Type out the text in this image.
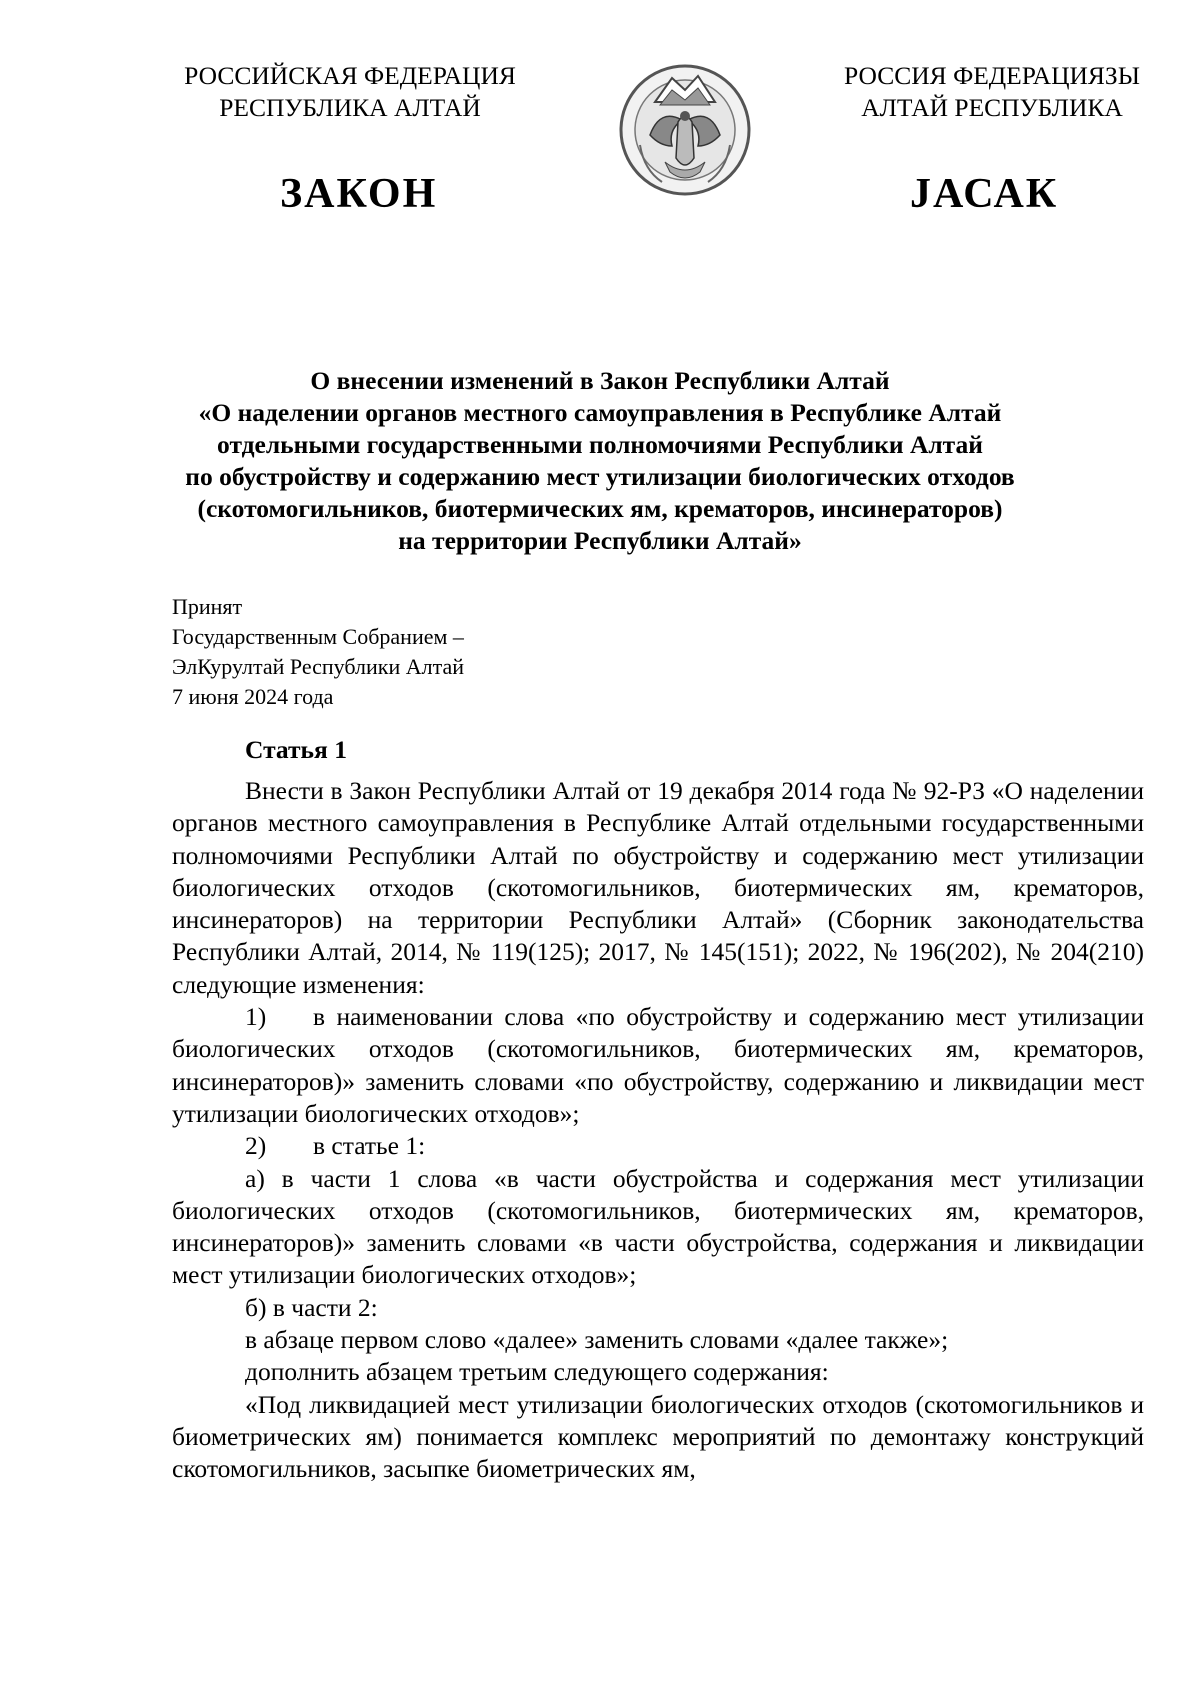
РОССИЙСКАЯ ФЕДЕРАЦИЯ
РЕСПУБЛИКА АЛТАЙ
РОССИЯ ФЕДЕРАЦИЯЗЫ
АЛТАЙ РЕСПУБЛИКА
ЗАКОН	JАСАК
О внесении изменений в Закон Республики Алтай
«О наделении органов местного самоуправления в Республике Алтай
отдельными государственными полномочиями Республики Алтай
по обустройству и содержанию мест утилизации биологических отходов
(скотомогильников, биотермических ям, крематоров, инсинераторов)
на территории Республики Алтай»
Принят
Государственным Собранием –
ЭлКурултай Республики Алтай
7 июня 2024 года
Статья 1

Внести в Закон Республики Алтай от 19 декабря 2014 года № 92-РЗ «О наделении органов местного самоуправления в Республике Алтай отдельными государственными полномочиями Республики Алтай по обустройству и содержанию мест утилизации биологических отходов (скотомогильников, биотермических ям, крематоров, инсинераторов) на территории Республики Алтай» (Сборник законодательства Республики Алтай, 2014, № 119(125); 2017, № 145(151); 2022, № 196(202), № 204(210) следующие изменения:

1) в наименовании слова «по обустройству и содержанию мест утилизации биологических отходов (скотомогильников, биотермических ям, крематоров, инсинераторов)» заменить словами «по обустройству, содержанию и ликвидации мест утилизации биологических отходов»;

2) в статье 1:

а) в части 1 слова «в части обустройства и содержания мест утилизации биологических отходов (скотомогильников, биотермических ям, крематоров, инсинераторов)» заменить словами «в части обустройства, содержания и ликвидации мест утилизации биологических отходов»;

б) в части 2:

в абзаце первом слово «далее» заменить словами «далее также»;

дополнить абзацем третьим следующего содержания:

«Под ликвидацией мест утилизации биологических отходов (скотомогильников и биометрических ям) понимается комплекс мероприятий по демонтажу конструкций скотомогильников, засыпке биометрических ям,
